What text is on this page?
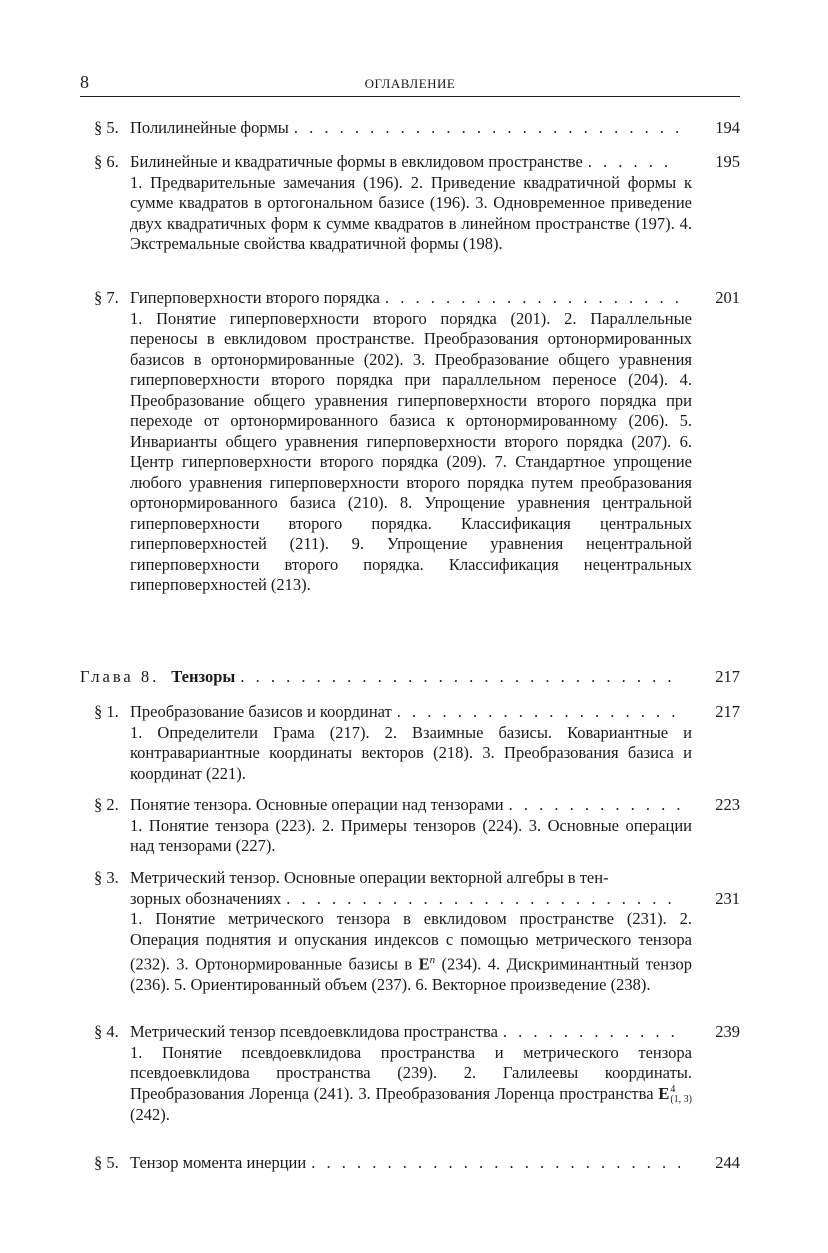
8	ОГЛАВЛЕНИЕ
§ 5. Полилинейные формы . . .	194
§ 6. Билинейные и квадратичные формы в евклидовом пространстве . . .	195
1. Предварительные замечания (196). 2. Приведение квадратичной формы к сумме квадратов в ортогональном базисе (196). 3. Одновременное приведение двух квадратичных форм к сумме квадратов в линейном пространстве (197). 4. Экстремальные свойства квадратичной формы (198).
§ 7. Гиперповерхности второго порядка . . .	201
1. Понятие гиперповерхности второго порядка (201). 2. Параллельные переносы в евклидовом пространстве. Преобразования ортонормированных базисов в ортонормированные (202). 3. Преобразование общего уравнения гиперповерхности второго порядка при параллельном переносе (204). 4. Преобразование общего уравнения гиперповерхности второго порядка при переходе от ортонормированного базиса к ортонормированному (206). 5. Инварианты общего уравнения гиперповерхности второго порядка (207). 6. Центр гиперповерхности второго порядка (209). 7. Стандартное упрощение любого уравнения гиперповерхности второго порядка путем преобразования ортонормированного базиса (210). 8. Упрощение уравнения центральной гиперповерхности второго порядка. Классификация центральных гиперповерхностей (211). 9. Упрощение уравнения нецентральной гиперповерхности второго порядка. Классификация нецентральных гиперповерхностей (213).
Глава 8. Тензоры . . .	217
§ 1. Преобразование базисов и координат . . .	217
1. Определители Грама (217). 2. Взаимные базисы. Ковариантные и контравариантные координаты векторов (218). 3. Преобразования базиса и координат (221).
§ 2. Понятие тензора. Основные операции над тензорами . . .	223
1. Понятие тензора (223). 2. Примеры тензоров (224). 3. Основные операции над тензорами (227).
§ 3. Метрический тензор. Основные операции векторной алгебры в тен-
зорных обозначениях . . .	231
1. Понятие метрического тензора в евклидовом пространстве (231). 2. Операция поднятия и опускания индексов с помощью метрического тензора (232). 3. Ортонормированные базисы в $E^n$ (234). 4. Дискриминантный тензор (236). 5. Ориентированный объем (237). 6. Векторное произведение (238).
§ 4. Метрический тензор псевдоевклидова пространства . . .	239
1. Понятие псевдоевклидова пространства и метрического тензора псевдоевклидова пространства (239). 2. Галилеевы координаты. Преобразования Лоренца (241). 3. Преобразования Лоренца пространства E 4
(1, 3)
(242).
§ 5. Тензор момента инерции . . .	244
